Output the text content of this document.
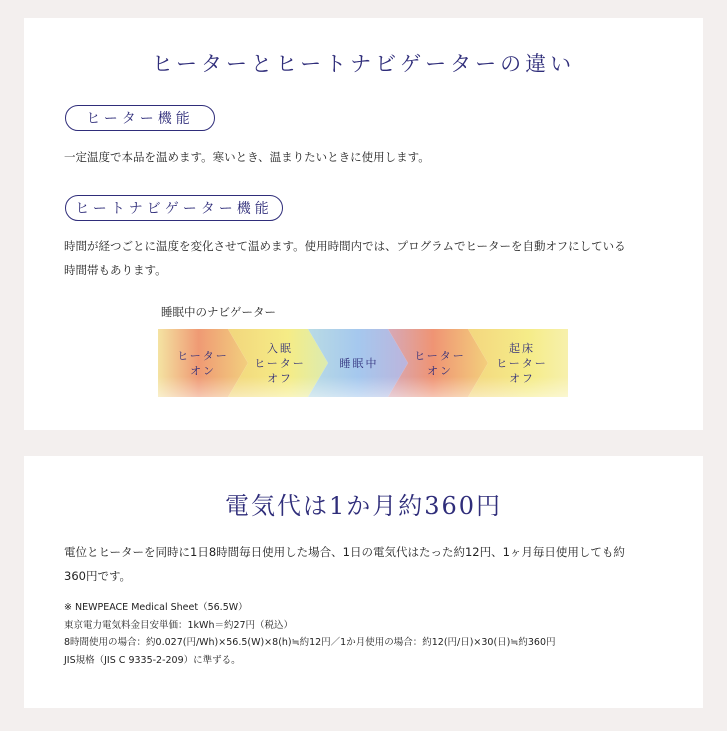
ヒーターとヒートナビゲーターの違い
ヒーター機能
一定温度で本品を温めます。寒いとき、温まりたいときに使用します。
ヒートナビゲーター機能
時間が経つごとに温度を変化させて温めます。使用時間内では、プログラムでヒーターを自動オフにしている
時間帯もあります。
睡眠中のナビゲーター
ヒーター
オン
入眠
ヒーター
オフ
睡眠中
ヒーター
オン
起床
ヒーター
オフ
電気代は1か月約360円
電位とヒーターを同時に1日8時間毎日使用した場合、1日の電気代はたった約12円、1ヶ月毎日使用しても約
360円です。
※ NEWPEACE Medical Sheet（56.5W）
東京電力電気料金目安単価：1kWh＝約27円（税込）
8時間使用の場合：約0.027(円/Wh)×56.5(W)×8(h)≒約12円／1か月使用の場合：約12(円/日)×30(日)≒約360円
JIS規格（JIS C 9335-2-209）に準ずる。
